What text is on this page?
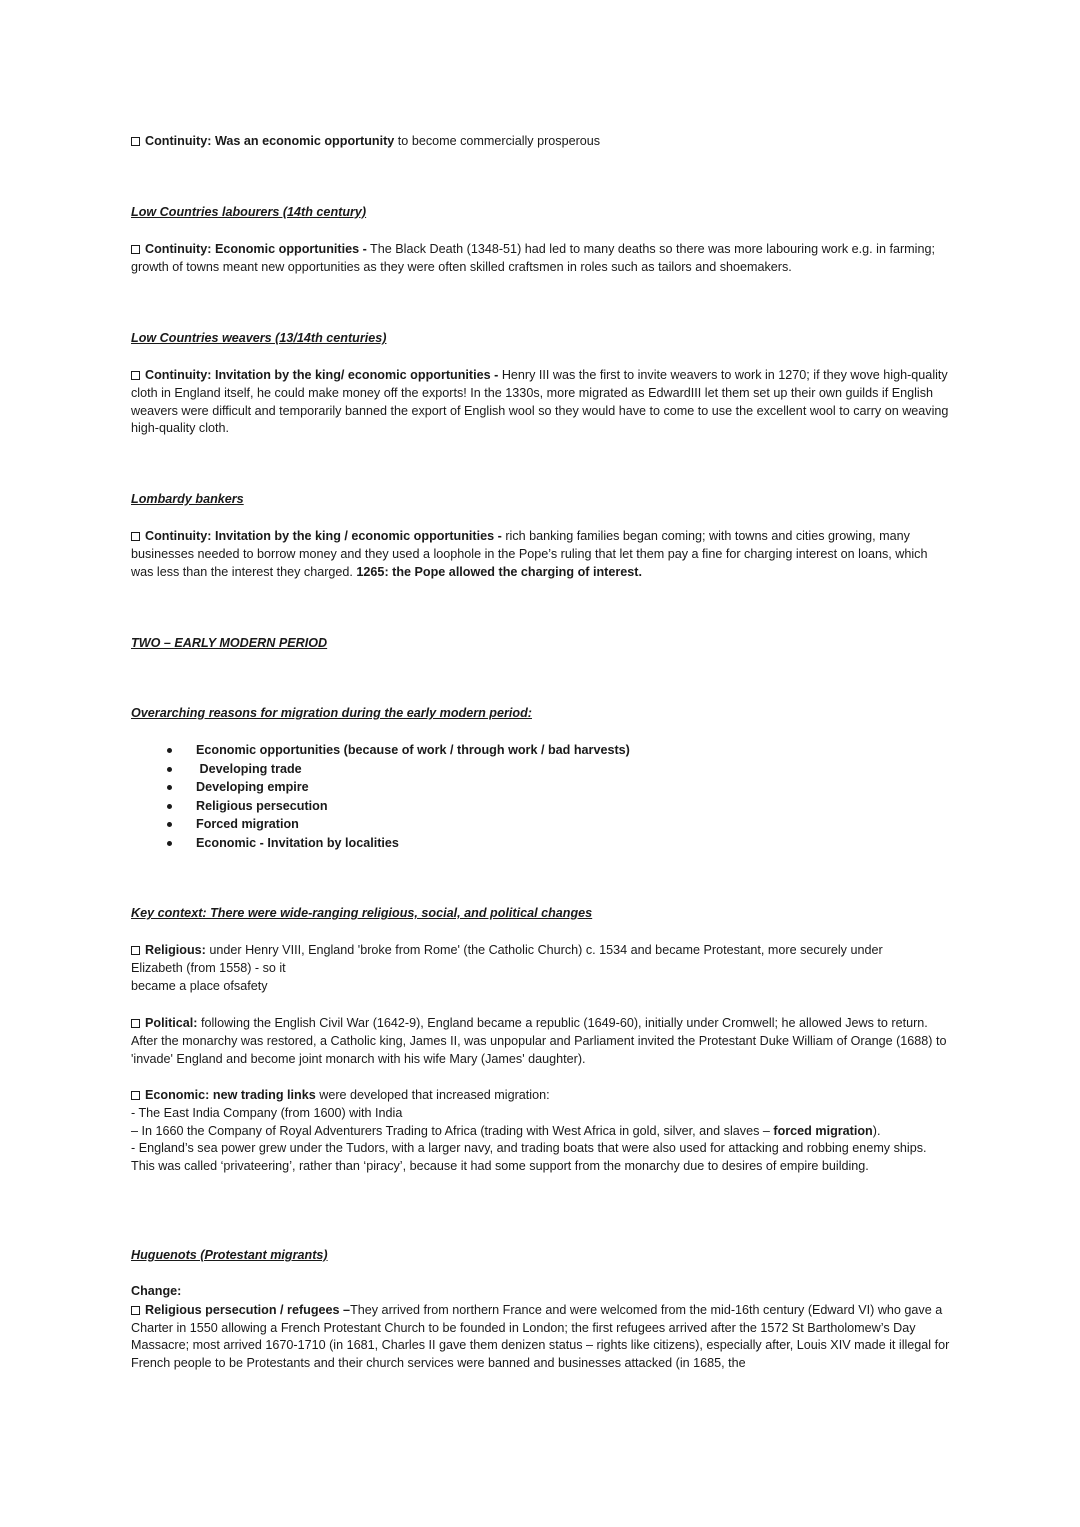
Continuity: Was an economic opportunity to become commercially prosperous
Low Countries labourers (14th century)
Continuity: Economic opportunities - The Black Death (1348-51) had led to many deaths so there was more labouring work e.g. in farming; growth of towns meant new opportunities as they were often skilled craftsmen in roles such as tailors and shoemakers.
Low Countries weavers (13/14th centuries)
Continuity: Invitation by the king/ economic opportunities - Henry III was the first to invite weavers to work in 1270; if they wove high-quality cloth in England itself, he could make money off the exports! In the 1330s, more migrated as EdwardIII let them set up their own guilds if English weavers were difficult and temporarily banned the export of English wool so they would have to come to use the excellent wool to carry on weaving high-quality cloth.
Lombardy bankers
Continuity: Invitation by the king / economic opportunities - rich banking families began coming; with towns and cities growing, many businesses needed to borrow money and they used a loophole in the Pope’s ruling that let them pay a fine for charging interest on loans, which was less than the interest they charged. 1265: the Pope allowed the charging of interest.
TWO – EARLY MODERN PERIOD
Overarching reasons for migration during the early modern period:
Economic opportunities (because of work / through work / bad harvests)
Developing trade
Developing empire
Religious persecution
Forced migration
Economic - Invitation by localities
Key context: There were wide-ranging religious, social, and political changes

Religious: under Henry VIII, England 'broke from Rome' (the Catholic Church) c. 1534 and became Protestant, more securely under

Elizabeth (from 1558) - so it

became a place ofsafety

Political: following the English Civil War (1642-9), England became a republic (1649-60), initially under Cromwell; he allowed Jews to return. After the monarchy was restored, a Catholic king, James II, was unpopular and Parliament invited the Protestant Duke William of Orange (1688) to 'invade' England and become joint monarch with his wife Mary (James' daughter).

Economic: new trading links were developed that increased migration:

- The East India Company (from 1600) with India

– In 1660 the Company of Royal Adventurers Trading to Africa (trading with West Africa in gold, silver, and slaves – forced migration).

- England’s sea power grew under the Tudors, with a larger navy, and trading boats that were also used for attacking and robbing enemy ships. This was called ‘privateering’, rather than ‘piracy’, because it had some support from the monarchy due to desires of empire building.

Huguenots (Protestant migrants)

Change:

Religious persecution / refugees –They arrived from northern France and were welcomed from the mid-16th century (Edward VI) who gave a Charter in 1550 allowing a French Protestant Church to be founded in London; the first refugees arrived after the 1572 St Bartholomew’s Day Massacre; most arrived 1670-1710 (in 1681, Charles II gave them denizen status – rights like citizens), especially after, Louis XIV made it illegal for French people to be Protestants and their church services were banned and businesses attacked (in 1685, the
